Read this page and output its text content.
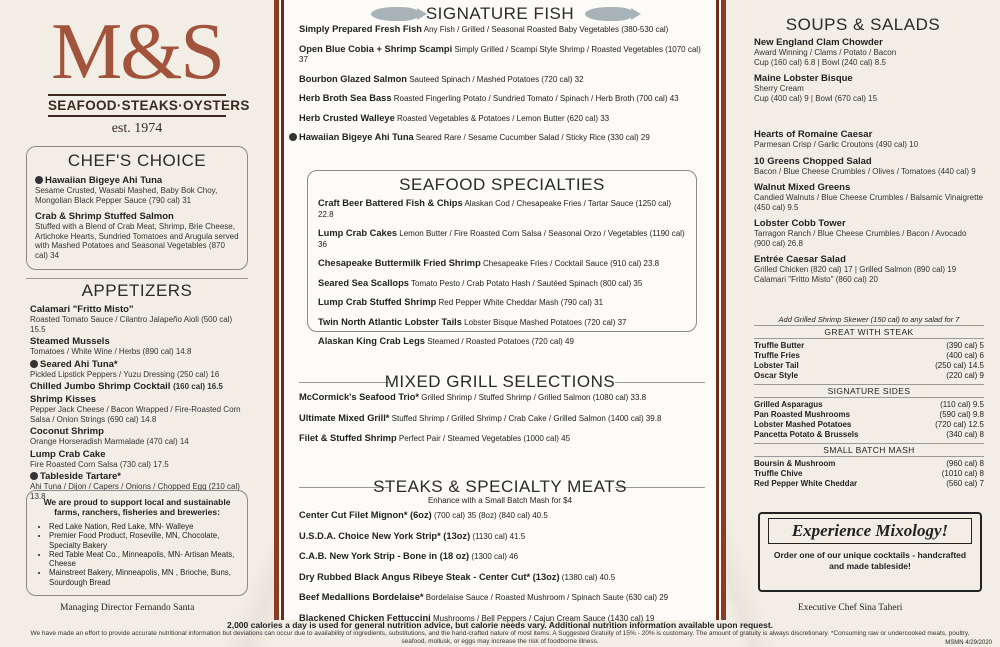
M&S
SEAFOOD·STEAKS·OYSTERS
est. 1974
CHEF'S CHOICE
Hawaiian Bigeye Ahi Tuna
Sesame Crusted, Wasabi Mashed, Baby Bok Choy, Mongolian Black Pepper Sauce (790 cal) 31
Crab & Shrimp Stuffed Salmon
Stuffed with a Blend of Crab Meat, Shrimp, Brie Cheese, Artichoke Hearts, Sundried Tomatoes and Arugula served with Mashed Potatoes and Seasonal Vegetables (870 cal) 34
APPETIZERS
Calamari "Fritto Misto"
Roasted Tomato Sauce / Cilantro Jalapeño Aioli (500 cal) 15.5
Steamed Mussels
Tomatoes / White Wine / Herbs (890 cal) 14.8
Seared Ahi Tuna*
Pickled Lipstick Peppers / Yuzu Dressing (250 cal) 16
Chilled Jumbo Shrimp Cocktail (160 cal) 16.5
Shrimp Kisses
Pepper Jack Cheese / Bacon Wrapped / Fire-Roasted Corn Salsa / Onion Strings (690 cal) 14.8
Coconut Shrimp
Orange Horseradish Marmalade (470 cal) 14
Lump Crab Cake
Fire Roasted Corn Salsa (730 cal) 17.5
Tableside Tartare*
Ahi Tuna / Dijon / Capers / Onions / Chopped Egg (210 cal) 13.8
We are proud to support local and sustainable farms, ranchers, fisheries and breweries:
• Red Lake Nation, Red Lake, MN- Walleye
• Premier Food Product, Roseville, MN, Chocolate, Specialty Bakery
• Red Table Meat Co., Minneapolis, MN- Artisan Meats, Cheese
• Mainstreet Bakery, Minneapolis, MN , Brioche, Buns, Sourdough Bread
Managing Director Fernando Santa
SIGNATURE FISH
Simply Prepared Fresh Fish Any Fish / Grilled / Seasonal Roasted Baby Vegetables (380-530 cal)
Open Blue Cobia + Shrimp Scampi Simply Grilled / Scampi Style Shrimp / Roasted Vegetables (1070 cal) 37
Bourbon Glazed Salmon Sauteed Spinach / Mashed Potatoes (720 cal) 32
Herb Broth Sea Bass Roasted Fingerling Potato / Sundried Tomato / Spinach / Herb Broth (700 cal) 43
Herb Crusted Walleye Roasted Vegetables & Potatoes / Lemon Butter (620 cal) 33
Hawaiian Bigeye Ahi Tuna Seared Rare / Sesame Cucumber Salad / Sticky Rice (330 cal) 29
SEAFOOD SPECIALTIES
Craft Beer Battered Fish & Chips Alaskan Cod / Chesapeake Fries / Tartar Sauce (1250 cal) 22.8
Lump Crab Cakes Lemon Butter / Fire Roasted Corn Salsa / Seasonal Orzo / Vegetables (1190 cal) 36
Chesapeake Buttermilk Fried Shrimp Chesapeake Fries / Cocktail Sauce (910 cal) 23.8
Seared Sea Scallops Tomato Pesto / Crab Potato Hash / Sautéed Spinach (800 cal) 35
Lump Crab Stuffed Shrimp Red Pepper White Cheddar Mash (790 cal) 31
Twin North Atlantic Lobster Tails Lobster Bisque Mashed Potatoes (720 cal) 37
Alaskan King Crab Legs Steamed / Roasted Potatoes (720 cal) 49
MIXED GRILL SELECTIONS
McCormick's Seafood Trio* Grilled Shrimp / Stuffed Shrimp / Grilled Salmon (1080 cal) 33.8
Ultimate Mixed Grill* Stuffed Shrimp / Grilled Shrimp / Crab Cake / Grilled Salmon (1400 cal) 39.8
Filet & Stuffed Shrimp Perfect Pair / Steamed Vegetables (1000 cal) 45
STEAKS & SPECIALTY MEATS
Enhance with a Small Batch Mash for $4
Center Cut Filet Mignon* (6oz) (700 cal) 35 (8oz) (840 cal) 40.5
U.S.D.A. Choice New York Strip* (13oz) (1130 cal) 41.5
C.A.B. New York Strip - Bone in (18 oz) (1300 cal) 46
Dry Rubbed Black Angus Ribeye Steak - Center Cut* (13oz) (1380 cal) 40.5
Beef Medallions Bordelaise* Bordelaise Sauce / Roasted Mushroom / Spinach Saute (630 cal) 29
Blackened Chicken Fettuccini Mushrooms / Bell Peppers / Cajun Cream Sauce (1430 cal) 19
SOUPS & SALADS
New England Clam Chowder
Award Winning / Clams / Potato / Bacon
Cup (160 cal) 6.8 | Bowl (240 cal) 8.5
Maine Lobster Bisque
Sherry Cream
Cup (400 cal) 9 | Bowl (670 cal) 15
Hearts of Romaine Caesar
Parmesan Crisp / Garlic Croutons (490 cal) 10
10 Greens Chopped Salad
Bacon / Blue Cheese Crumbles / Olives / Tomatoes (440 cal) 9
Walnut Mixed Greens
Candied Walnuts / Blue Cheese Crumbles / Balsamic Vinaigrette (450 cal) 9.5
Lobster Cobb Tower
Tarragon Ranch / Blue Cheese Crumbles / Bacon / Avocado (900 cal) 26.8
Entrée Caesar Salad
Grilled Chicken (820 cal) 17 | Grilled Salmon (890 cal) 19
Calamari "Fritto Misto" (860 cal) 20
Add Grilled Shrimp Skewer (150 cal) to any salad for 7
GREAT WITH STEAK
Truffle Butter	(390 cal) 5
Truffle Fries	(400 cal) 6
Lobster Tail	(250 cal) 14.5
Oscar Style	(220 cal) 9
SIGNATURE SIDES
Grilled Asparagus	(110 cal) 9.5
Pan Roasted Mushrooms	(590 cal) 9.8
Lobster Mashed Potatoes	(720 cal) 12.5
Pancetta Potato & Brussels	(340 cal) 8
SMALL BATCH MASH
Boursin & Mushroom	(960 cal) 8
Truffle Chive	(1010 cal) 8
Red Pepper White Cheddar	(560 cal) 7
Experience Mixology!
Order one of our unique cocktails - handcrafted and made tableside!
Executive Chef Sina Taheri
2,000 calories a day is used for general nutrition advice, but calorie needs vary. Additional nutrition information available upon request.
We have made an effort to provide accurate nutritional information but deviations can occur due to availability of ingredients, substitutions, and the hand-crafted nature of most items. A Suggested Gratuity of 15% - 20% is customary. The amount of gratuity is always discretionary. *Consuming raw or undercooked meats, poultry, seafood, mollusk, or eggs may increase the risk of foodborne illness.	MSMN 4/29/2020
